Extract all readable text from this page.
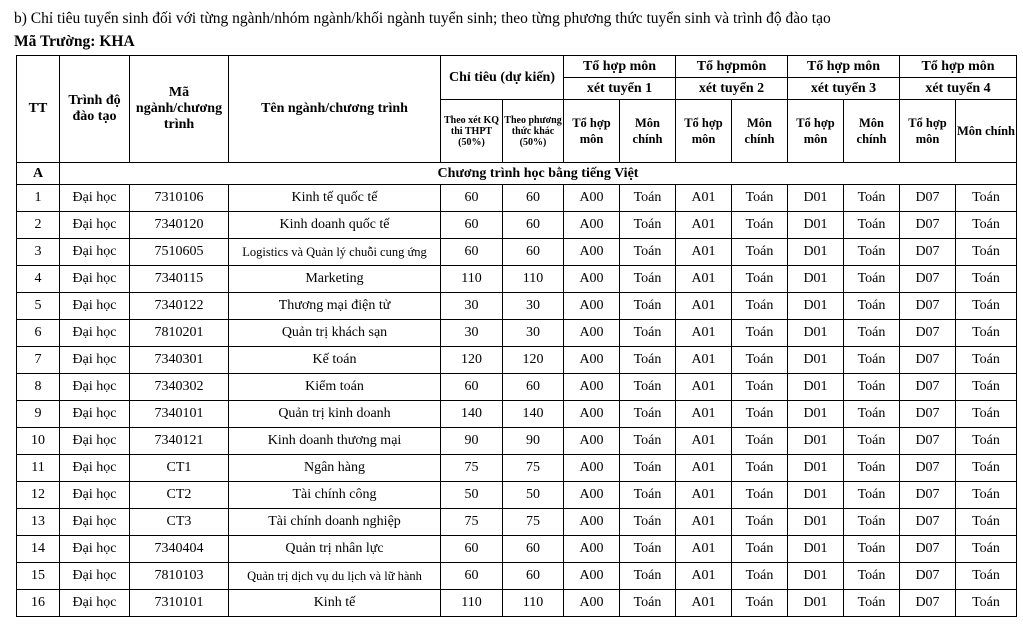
b) Chỉ tiêu tuyển sinh đối với từng ngành/nhóm ngành/khối ngành tuyển sinh; theo từng phương thức tuyển sinh và trình độ đào tạo
Mã Trường: KHA
TT	Trình độ đào tạo	Mã ngành/chương trình	Tên ngành/chương trình	Chỉ tiêu (dự kiến)		Tổ hợp môn		Tổ hợpmôn		Tổ hợp môn		Tổ hợp môn	
						xét tuyển 1		xét tuyển 2		xét tuyển 3		xét tuyển 4	
				Theo xét KQ thi THPT (50%)	Theo phương thức khác (50%)	Tổ hợp môn	Môn chính	Tổ hợp môn	Môn chính	Tổ hợp môn	Môn chính	Tổ hợp môn	Môn chính
A	Chương trình học bằng tiếng Việt												
1	Đại học	7310106	Kinh tế quốc tế	60	60	A00	Toán	A01	Toán	D01	Toán	D07	Toán
2	Đại học	7340120	Kinh doanh quốc tế	60	60	A00	Toán	A01	Toán	D01	Toán	D07	Toán
3	Đại học	7510605	Logistics và Quản lý chuỗi cung ứng	60	60	A00	Toán	A01	Toán	D01	Toán	D07	Toán
4	Đại học	7340115	Marketing	110	110	A00	Toán	A01	Toán	D01	Toán	D07	Toán
5	Đại học	7340122	Thương mại điện tử	30	30	A00	Toán	A01	Toán	D01	Toán	D07	Toán
6	Đại học	7810201	Quản trị khách sạn	30	30	A00	Toán	A01	Toán	D01	Toán	D07	Toán
7	Đại học	7340301	Kế toán	120	120	A00	Toán	A01	Toán	D01	Toán	D07	Toán
8	Đại học	7340302	Kiểm toán	60	60	A00	Toán	A01	Toán	D01	Toán	D07	Toán
9	Đại học	7340101	Quản trị kinh doanh	140	140	A00	Toán	A01	Toán	D01	Toán	D07	Toán
10	Đại học	7340121	Kinh doanh thương mại	90	90	A00	Toán	A01	Toán	D01	Toán	D07	Toán
11	Đại học	CT1	Ngân hàng	75	75	A00	Toán	A01	Toán	D01	Toán	D07	Toán
12	Đại học	CT2	Tài chính công	50	50	A00	Toán	A01	Toán	D01	Toán	D07	Toán
13	Đại học	CT3	Tài chính doanh nghiệp	75	75	A00	Toán	A01	Toán	D01	Toán	D07	Toán
14	Đại học	7340404	Quản trị nhân lực	60	60	A00	Toán	A01	Toán	D01	Toán	D07	Toán
15	Đại học	7810103	Quản trị dịch vụ du lịch và lữ hành	60	60	A00	Toán	A01	Toán	D01	Toán	D07	Toán
16	Đại học	7310101	Kinh tế	110	110	A00	Toán	A01	Toán	D01	Toán	D07	Toán
